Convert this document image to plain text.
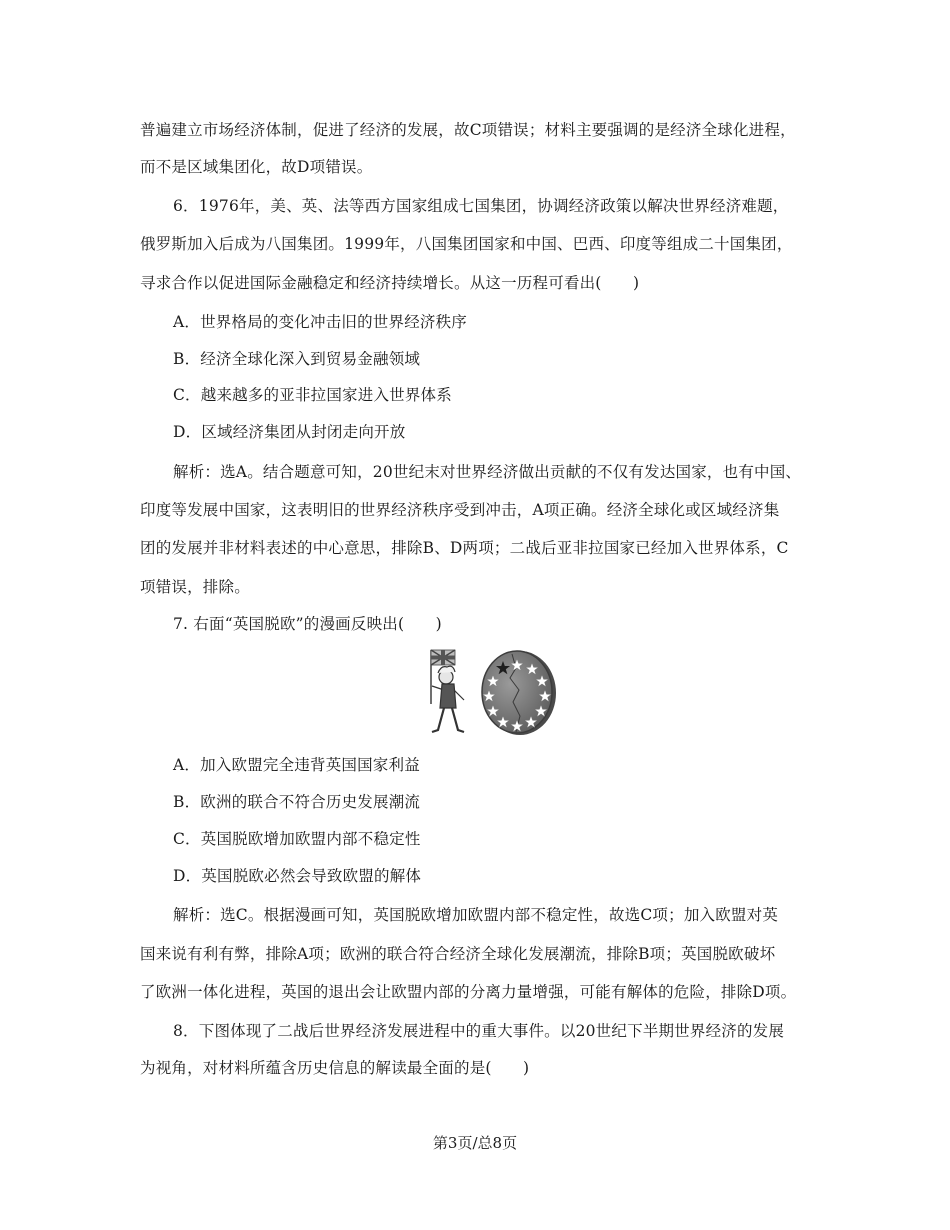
普遍建立市场经济体制，促进了经济的发展，故C项错误；材料主要强调的是经济全球化进程，
而不是区域集团化，故D项错误。
6．1976年，美、英、法等西方国家组成七国集团，协调经济政策以解决世界经济难题，
俄罗斯加入后成为八国集团。1999年，八国集团国家和中国、巴西、印度等组成二十国集团，
寻求合作以促进国际金融稳定和经济持续增长。从这一历程可看出(　　)
A．世界格局的变化冲击旧的世界经济秩序
B．经济全球化深入到贸易金融领域
C．越来越多的亚非拉国家进入世界体系
D．区域经济集团从封闭走向开放
解析：选A。结合题意可知，20世纪末对世界经济做出贡献的不仅有发达国家，也有中国、
印度等发展中国家，这表明旧的世界经济秩序受到冲击，A项正确。经济全球化或区域经济集
团的发展并非材料表述的中心意思，排除B、D两项；二战后亚非拉国家已经加入世界体系，C
项错误，排除。
7. 右面“英国脱欧”的漫画反映出(　　)
A．加入欧盟完全违背英国国家利益
B．欧洲的联合不符合历史发展潮流
C．英国脱欧增加欧盟内部不稳定性
D．英国脱欧必然会导致欧盟的解体
解析：选C。根据漫画可知，英国脱欧增加欧盟内部不稳定性，故选C项；加入欧盟对英
国来说有利有弊，排除A项；欧洲的联合符合经济全球化发展潮流，排除B项；英国脱欧破坏
了欧洲一体化进程，英国的退出会让欧盟内部的分离力量增强，可能有解体的危险，排除D项。
8．下图体现了二战后世界经济发展进程中的重大事件。以20世纪下半期世界经济的发展
为视角，对材料所蕴含历史信息的解读最全面的是(　　)
第3页/总8页
